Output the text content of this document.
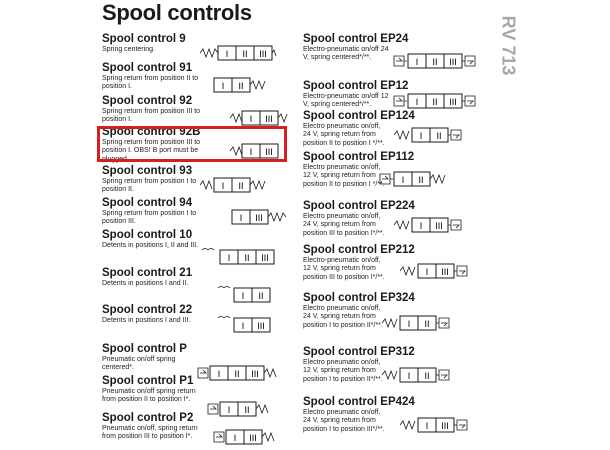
Spool controls
RV 713
Spool control 9
Spring centering.
Spool control 91
Spring return from position II to position I.
Spool control 92
Spring return from position III to position I.
Spool control 92B
Spring return from position III to position I. OBS! B port must be plugged.
Spool control 93
Spring return from position I to position II.
Spool control 94
Spring return from position I to position III.
Spool control 10
Detents in positions I, II and III.
Spool control 21
Detents in positions I and II.
Spool control 22
Detents in positions I and III.
Spool control P
Pneumatic on/off spring centered*.
Spool control P1
Pneumatic on/off spring return from position II to position I*.
Spool control P2
Pneumatic on/off, spring return from position III to position I*.
Spool control EP24
Electro-pneumatic on/off 24 V, spring centered*/**.
Spool control EP12
Electro-pneumatic on/off 12 V, spring centered*/**.
Spool control EP124
Electro pneumatic on/off, 24 V, spring return from position II to position I */**.
Spool control EP112
Electro pneumatic on/off, 12 V, spring return from position II to position I */**.
Spool control EP224
Electro pneumatic on/off, 24 V, spring return from position III to position I*/**.
Spool control EP212
Electro-pneumatic on/off, 12 V, spring return from position III to position I*/**.
Spool control EP324
Electro pneumatic on/off, 24 V, spring return from position I to position II*/**.
Spool control EP312
Electro pneumatic on/off, 12 V, spring return from position I to position II*/**.
Spool control EP424
Electro pneumatic on/off, 24 V, spring return from position I to position III*/**.
I II III
I II
I III
I III
I II
I III
I II III
I II
I III
I II III
I II
I III
I II III
I II III
I II
I II
I III
I III
I II
I II
I III
